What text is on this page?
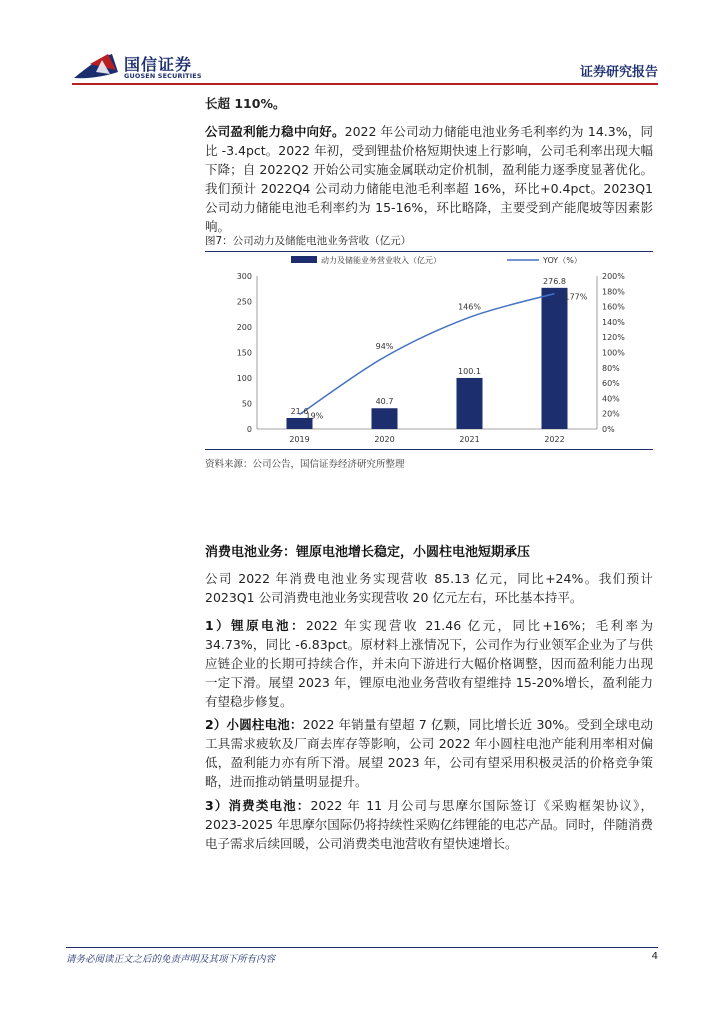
国信证券
GUOSEN SECURITIES	证券研究报告

长超 110%。

公司盈利能力稳中向好。2022 年公司动力储能电池业务毛利率约为 14.3%，同比 -3.4pct。2022 年初，受到锂盐价格短期快速上行影响，公司毛利率出现大幅下降；自 2022Q2 开始公司实施金属联动定价机制，盈利能力逐季度显著优化。我们预计 2022Q4 公司动力储能电池毛利率超 16%，环比+0.4pct。2023Q1 公司动力储能电池毛利率约为 15-16%，环比略降，主要受到产能爬坡等因素影响。

图7：公司动力及储能电池业务营收（亿元）
动力及储能业务营业收入（亿元）	YOY（%）
0
50
100
150
200
250
300
0%
20%
40%
60%
80%
100%
120%
140%
160%
180%
200%
21.6
40.7
100.1
276.8
19%
94%
146%
177%
2019	2020	2021	2022
资料来源：公司公告，国信证券经济研究所整理
消费电池业务：锂原电池增长稳定，小圆柱电池短期承压

公司 2022 年消费电池业务实现营收 85.13 亿元，同比+24%。我们预计 2023Q1 公司消费电池业务实现营收 20 亿元左右，环比基本持平。

1）锂原电池：2022 年实现营收 21.46 亿元，同比+16%；毛利率为 34.73%，同比 -6.83pct。原材料上涨情况下，公司作为行业领军企业为了与供应链企业的长期可持续合作，并未向下游进行大幅价格调整，因而盈利能力出现一定下滑。展望 2023 年，锂原电池业务营收有望维持 15-20%增长，盈利能力有望稳步修复。

2）小圆柱电池：2022 年销量有望超 7 亿颗，同比增长近 30%。受到全球电动工具需求疲软及厂商去库存等影响，公司 2022 年小圆柱电池产能利用率相对偏低，盈利能力亦有所下滑。展望 2023 年，公司有望采用积极灵活的价格竞争策略，进而推动销量明显提升。

3）消费类电池：2022 年 11 月公司与思摩尔国际签订《采购框架协议》，2023-2025 年思摩尔国际仍将持续性采购亿纬锂能的电芯产品。同时，伴随消费电子需求后续回暖，公司消费类电池营收有望快速增长。

请务必阅读正文之后的免责声明及其项下所有内容	4
